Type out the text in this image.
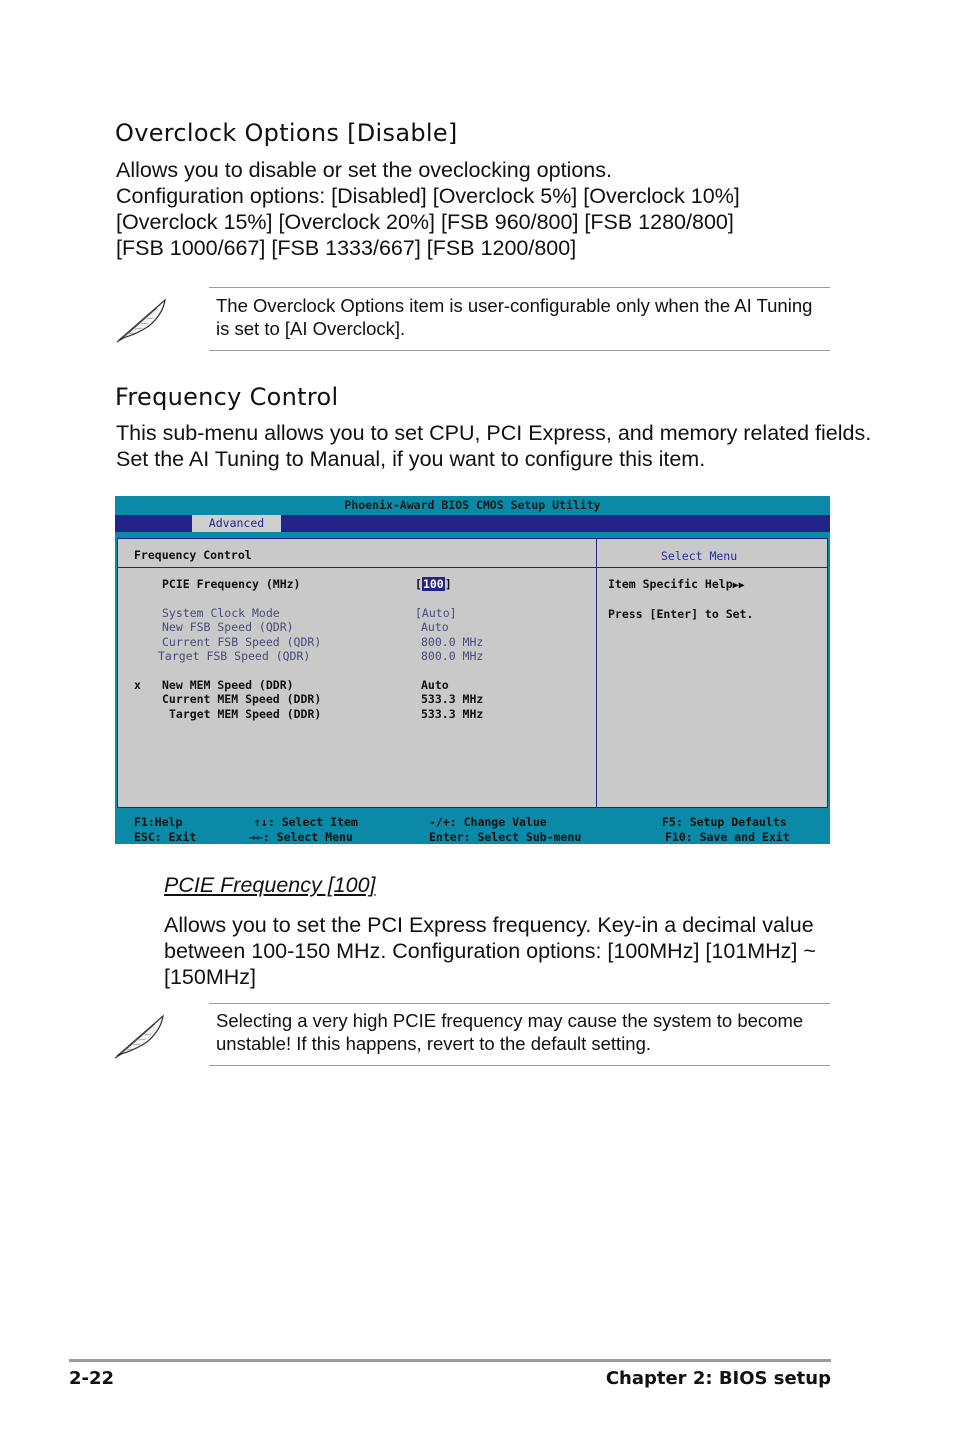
Overclock Options [Disable]
Allows you to disable or set the oveclocking options.
Configuration options: [Disabled] [Overclock 5%] [Overclock 10%]
[Overclock 15%] [Overclock 20%] [FSB 960/800] [FSB 1280/800]
[FSB 1000/667] [FSB 1333/667] [FSB 1200/800]
The Overclock Options item is user-configurable only when the AI Tuning
is set to [AI Overclock].
Frequency Control
This sub-menu allows you to set CPU, PCI Express, and memory related fields.
Set the AI Tuning to Manual, if you want to configure this item.
Phoenix-Award BIOS CMOS Setup Utility
Advanced
Frequency Control	Select Menu
PCIE Frequency (MHz)	[100]
System Clock Mode	[Auto]
New FSB Speed (QDR)	Auto
Current FSB Speed (QDR)	800.0 MHz
Target FSB Speed (QDR)	800.0 MHz
x New MEM Speed (DDR)	Auto
Current MEM Speed (DDR)	533.3 MHz
Target MEM Speed (DDR)	533.3 MHz
Item Specific Help▶▶
Press [Enter] to Set.
F1:Help
ESC: Exit
↑↓: Select Item
→←: Select Menu
-/+: Change Value
Enter: Select Sub-menu
F5: Setup Defaults
F10: Save and Exit
PCIE Frequency [100]
Allows you to set the PCI Express frequency. Key-in a decimal value
between 100-150 MHz. Configuration options: [100MHz] [101MHz] ~
[150MHz]
Selecting a very high PCIE frequency may cause the system to become
unstable! If this happens, revert to the default setting.
2-22	Chapter 2: BIOS setup
